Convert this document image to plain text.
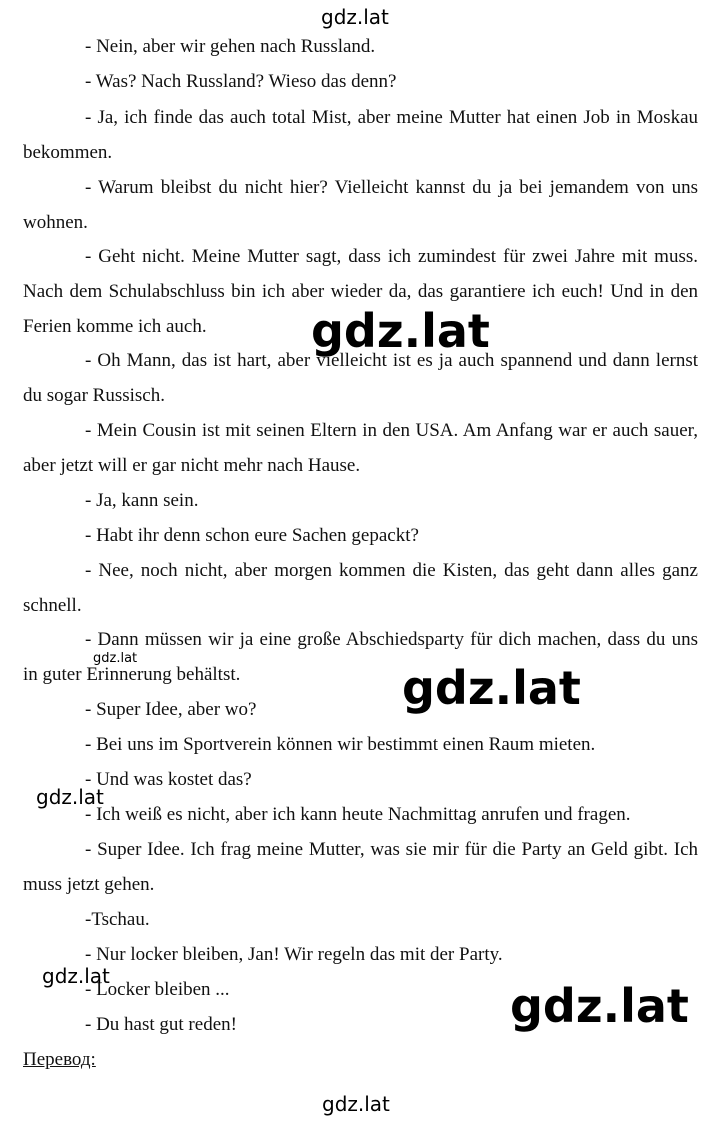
- Nein, aber wir gehen nach Russland.
- Was? Nach Russland? Wieso das denn?
- Ja, ich finde das auch total Mist, aber meine Mutter hat einen Job in Moskau bekommen.
- Warum bleibst du nicht hier? Vielleicht kannst du ja bei jemandem von uns wohnen.
- Geht nicht. Meine Mutter sagt, dass ich zumindest für zwei Jahre mit muss. Nach dem Schulabschluss bin ich aber wieder da, das garantiere ich euch! Und in den Ferien komme ich auch.
- Oh Mann, das ist hart, aber vielleicht ist es ja auch spannend und dann lernst du sogar Russisch.
- Mein Cousin ist mit seinen Eltern in den USA. Am Anfang war er auch sauer, aber jetzt will er gar nicht mehr nach Hause.
- Ja, kann sein.
- Habt ihr denn schon eure Sachen gepackt?
- Nee, noch nicht, aber morgen kommen die Kisten, das geht dann alles ganz schnell.
- Dann müssen wir ja eine große Abschiedsparty für dich machen, dass du uns in guter Erinnerung behältst.
- Super Idee, aber wo?
- Bei uns im Sportverein können wir bestimmt einen Raum mieten.
- Und was kostet das?
- Ich weiß es nicht, aber ich kann heute Nachmittag anrufen und fragen.
- Super Idee. Ich frag meine Mutter, was sie mir für die Party an Geld gibt. Ich muss jetzt gehen.
-Tschau.
- Nur locker bleiben, Jan! Wir regeln das mit der Party.
- Locker bleiben ...
- Du hast gut reden!
Перевод:
gdz.lat
gdz.lat
gdz.lat
gdz.lat
gdz.lat
gdz.lat
gdz.lat
gdz.lat
